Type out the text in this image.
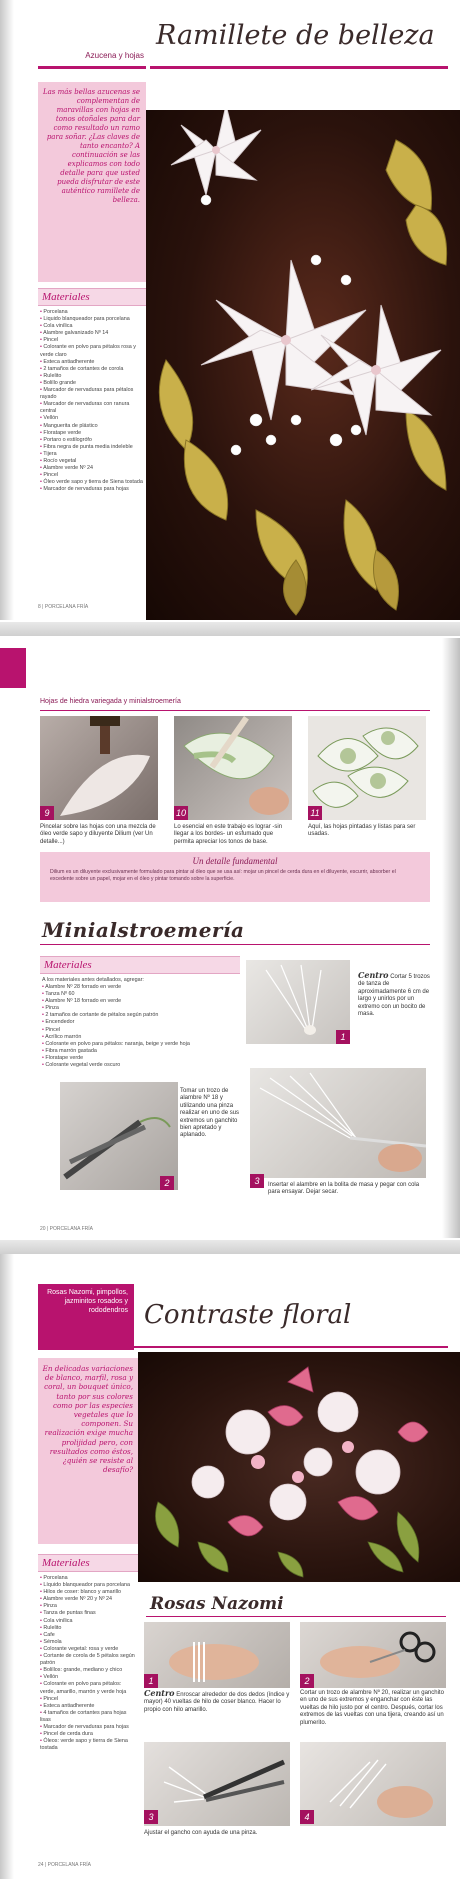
Azucena y hojas
Ramillete de belleza

Las más bellas azucenas se complementan de maravillas con hojas en tonos otoñales para dar como resultado un ramo para soñar. ¿Las claves de tanto encanto? A continuación se las explicamos con todo detalle para que usted pueda disfrutar de este auténtico ramillete de belleza.

Materiales
• Porcelana
• Liquido blanqueador para porcelana
• Cola vinílica
• Alambre galvanizado Nº 14
• Pincel
• Colorante en polvo para pétalos rosa y verde claro
• Esteca antiadherente
• 2 tamaños de cortantes de corola
• Rulelito
• Bolillo grande
• Marcador de nervaduras para pétalos rayado
• Marcador de nervaduras con ranura central
• Vellón
• Manguerita de plástico
• Floratape verde
• Portaro o estilogrófo
• Fibra negra de punta media indeleble
• Tijera
• Rocío vegetal
• Alambre verde Nº 24
• Pincel
• Óleo verde sapo y tierra de Siena tostada
• Marcador de nervaduras para hojas
8 | PORCELANA FRÍA
Hojas de hiedra variegada y minialstroemería
9
Pincelar sobre las hojas con una mezcla de óleo verde sapo y diluyente Dilium (ver Un detalle...)
10
Lo esencial en este trabajo es lograr -sin llegar a los bordes- un esfumado que permita apreciar los tonos de base.
11
Aquí, las hojas pintadas y listas para ser usadas.
Un detalle fundamental
Dilium es un diluyente exclusivamente formulado para pintar al óleo que se usa así: mojar un pincel de cerda dura en el diluyente, escurrir, absorber el excedente sobre un papel, mojar en el óleo y pintar tomando sobre la superficie.
Minialstroemería
Materiales
A los materiales antes detallados, agregar:
• Alambre Nº 28 forrado en verde
• Tanza Nº 60
• Alambre Nº 18 forrado en verde
• Pinza
• 2 tamaños de cortante de pétalos según patrón
• Encendedor
• Pincel
• Acrílico marrón
• Colorante en polvo para pétalos: naranja, beige y verde hoja
• Fibra marrón gastada
• Floratape verde
• Colorante vegetal verde oscuro
1
Centro Cortar 5 trozos de tanza de aproximadamente 6 cm de largo y unirlos por un extremo con un bocito de masa.
2
Tomar un trozo de alambre Nº 18 y utilizando una pinza realizar en uno de sus extremos un ganchito bien apretado y aplanado.
3	Insertar el alambre en la bolita de masa y pegar con cola para ensayar. Dejar secar.
20 | PORCELANA FRÍA
Rosas Nazomi, pimpollos, jazminitos rosados y rododendros Contraste floral

En delicadas variaciones de blanco, marfil, rosa y coral, un bouquet único, tanto por sus colores como por las especies vegetales que lo componen. Su realización exige mucha prolijidad pero, con resultados como éstos, ¿quién se resiste al desafío?

Materiales
• Porcelana
• Líquido blanqueador para porcelana
• Hilos de coser: blanco y amarillo
• Alambre verde Nº 20 y Nº 24
• Pinza
• Tanza de puntas finas
• Cola vinílica
• Rulelito
• Cafe
• Sémola
• Colorante vegetal: rosa y verde
• Cortante de corola de 5 pétalos según patrón
• Bolillos: grande, mediano y chico
• Vellón
• Colorante en polvo para pétalos: verde, amarillo, marrón y verde hoja
• Pincel
• Esteca antiadherente
• 4 tamaños de cortantes para hojas lisas
• Marcador de nervaduras para hojas
• Pincel de cerda dura
• Óleos: verde sapo y tierra de Siena tostada
Rosas Nazomi
1
Centro Enroscar alrededor de dos dedos (índice y mayor) 40 vueltas de hilo de coser blanco. Hacer lo propio con hilo amarillo.
2
Cortar un trozo de alambre Nº 20, realizar un ganchito en uno de sus extremos y enganchar con éste las vueltas de hilo justo por el centro. Después, cortar los extremos de las vueltas con una tijera, creando así un plumerito.
3
Ajustar el gancho con ayuda de una pinza.
4
24 | PORCELANA FRÍA
